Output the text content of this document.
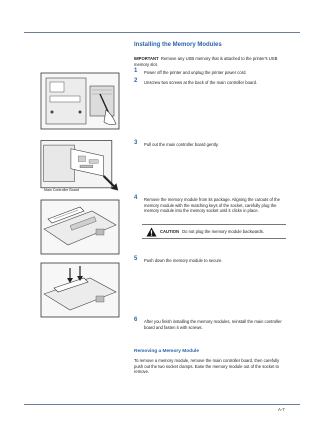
Installing the Memory Modules
IMPORTANT Remove any USB memory that is attached to the printer's USB memory slot.
1 Power off the printer and unplug the printer power cord.
2 Unscrew two screws at the back of the main controller board.
3 Pull out the main controller board gently.
4 Remove the memory module from its package. Aligning the cutouts of the memory module with the matching keys of the socket, carefully plug the memory module into the memory socket until it clicks in place.
CAUTION Do not plug the memory module backwards.
5 Push down the memory module to secure.
6 After you finish installing the memory modules, reinstall the main controller board and fasten it with screws.
Removing a Memory Module
To remove a memory module, remove the main controller board, then carefully push out the two socket clamps. Ease the memory module out of the socket to remove.
Main Controller Board
A-7
